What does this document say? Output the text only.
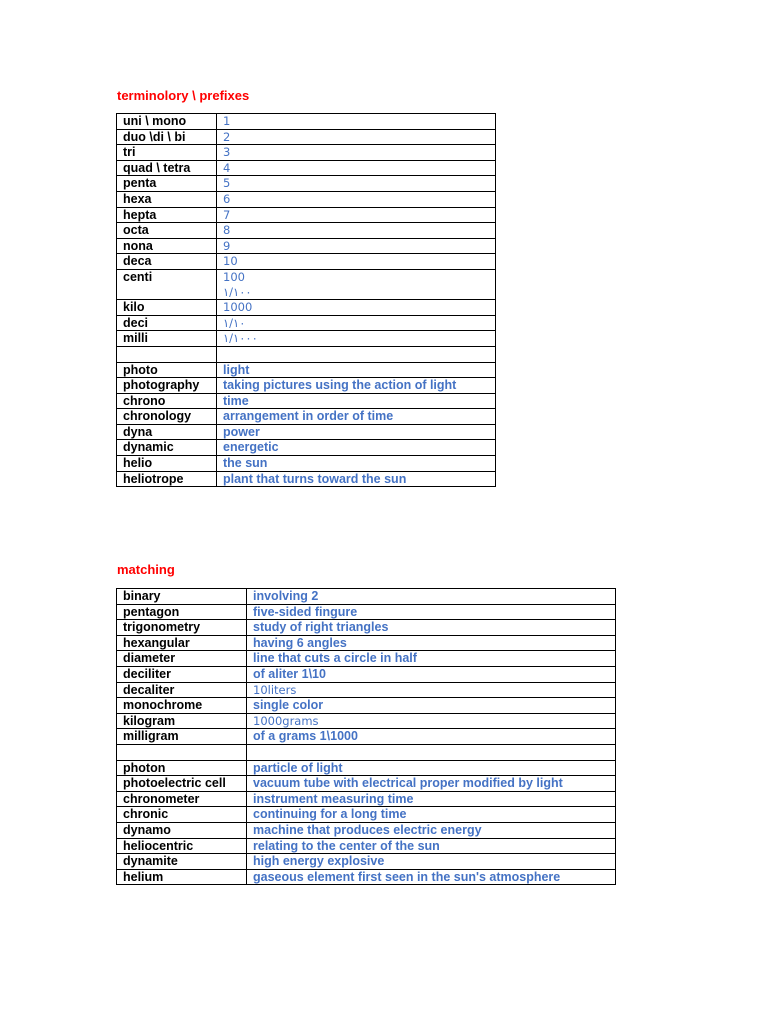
terminolory \ prefixes
uni \ mono	1
duo \di \ bi	2
tri	3
quad \ tetra	4
penta	5
hexa	6
hepta	7
octa	8
nona	9
deca	10
centi	100
١/١٠٠

kilo	1000
deci	١/١٠
milli	١/١٠٠٠

photo	light
photography	taking pictures using the action of light
chrono	time
chronology	arrangement in order of time
dyna	power
dynamic	energetic
helio	the sun
heliotrope	plant that turns toward the sun
matching
binary	involving 2
pentagon	five-sided fingure
trigonometry	study of right triangles
hexangular	having 6 angles
diameter	line that cuts a circle in half
deciliter	of aliter 1\10
decaliter	10liters
monochrome	single color
kilogram	1000grams
milligram	of a grams 1\1000

photon	particle of light
photoelectric cell	vacuum tube with electrical proper modified by light
chronometer	instrument measuring time
chronic	continuing for a long time
dynamo	machine that produces electric energy
heliocentric	relating to the center of the sun
dynamite	high energy explosive
helium	gaseous element first seen in the sun's atmosphere
